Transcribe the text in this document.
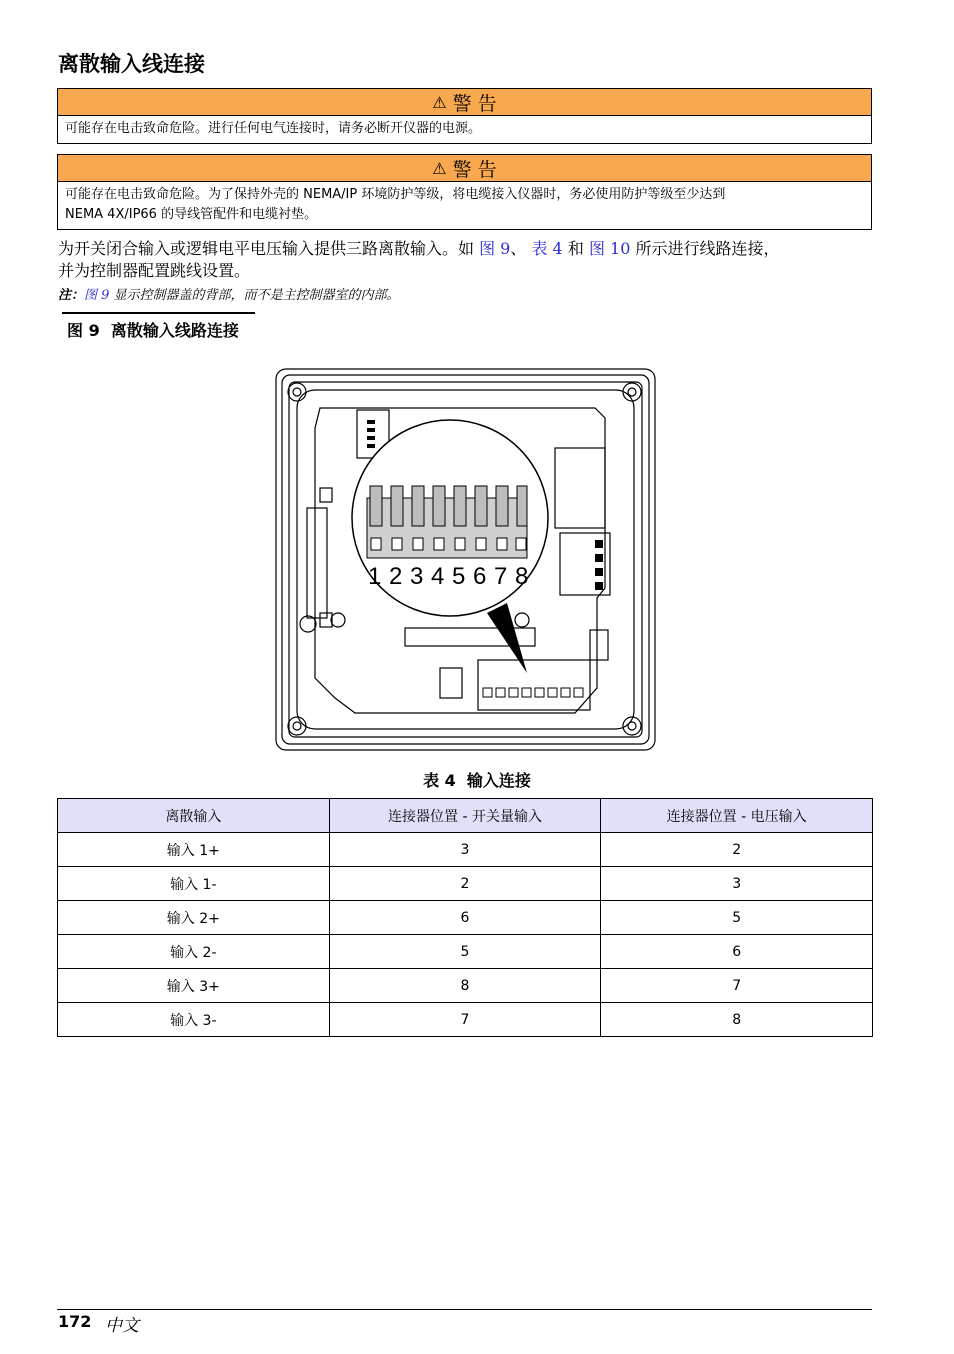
离散输入线连接
⚠ 警 告
可能存在电击致命危险。进行任何电气连接时，请务必断开仪器的电源。
⚠ 警 告
可能存在电击致命危险。为了保持外壳的 NEMA/IP 环境防护等级，将电缆接入仪器时，务必使用防护等级至少达到
NEMA 4X/IP66 的导线管配件和电缆衬垫。
为开关闭合输入或逻辑电平电压输入提供三路离散输入。如 图 9、 表 4 和 图 10 所示进行线路连接，
并为控制器配置跳线设置。
注：图 9 显示控制器盖的背部，而不是主控制器室的内部。
图 9 离散输入线路连接
1 2 3 4 5 6 7 8
表 4 输入连接
离散输入	连接器位置 - 开关量输入	连接器位置 - 电压输入
输入 1+	3	2
输入 1-	2	3
输入 2+	6	5
输入 2-	5	6
输入 3+	8	7
输入 3-	7	8
172 中文
